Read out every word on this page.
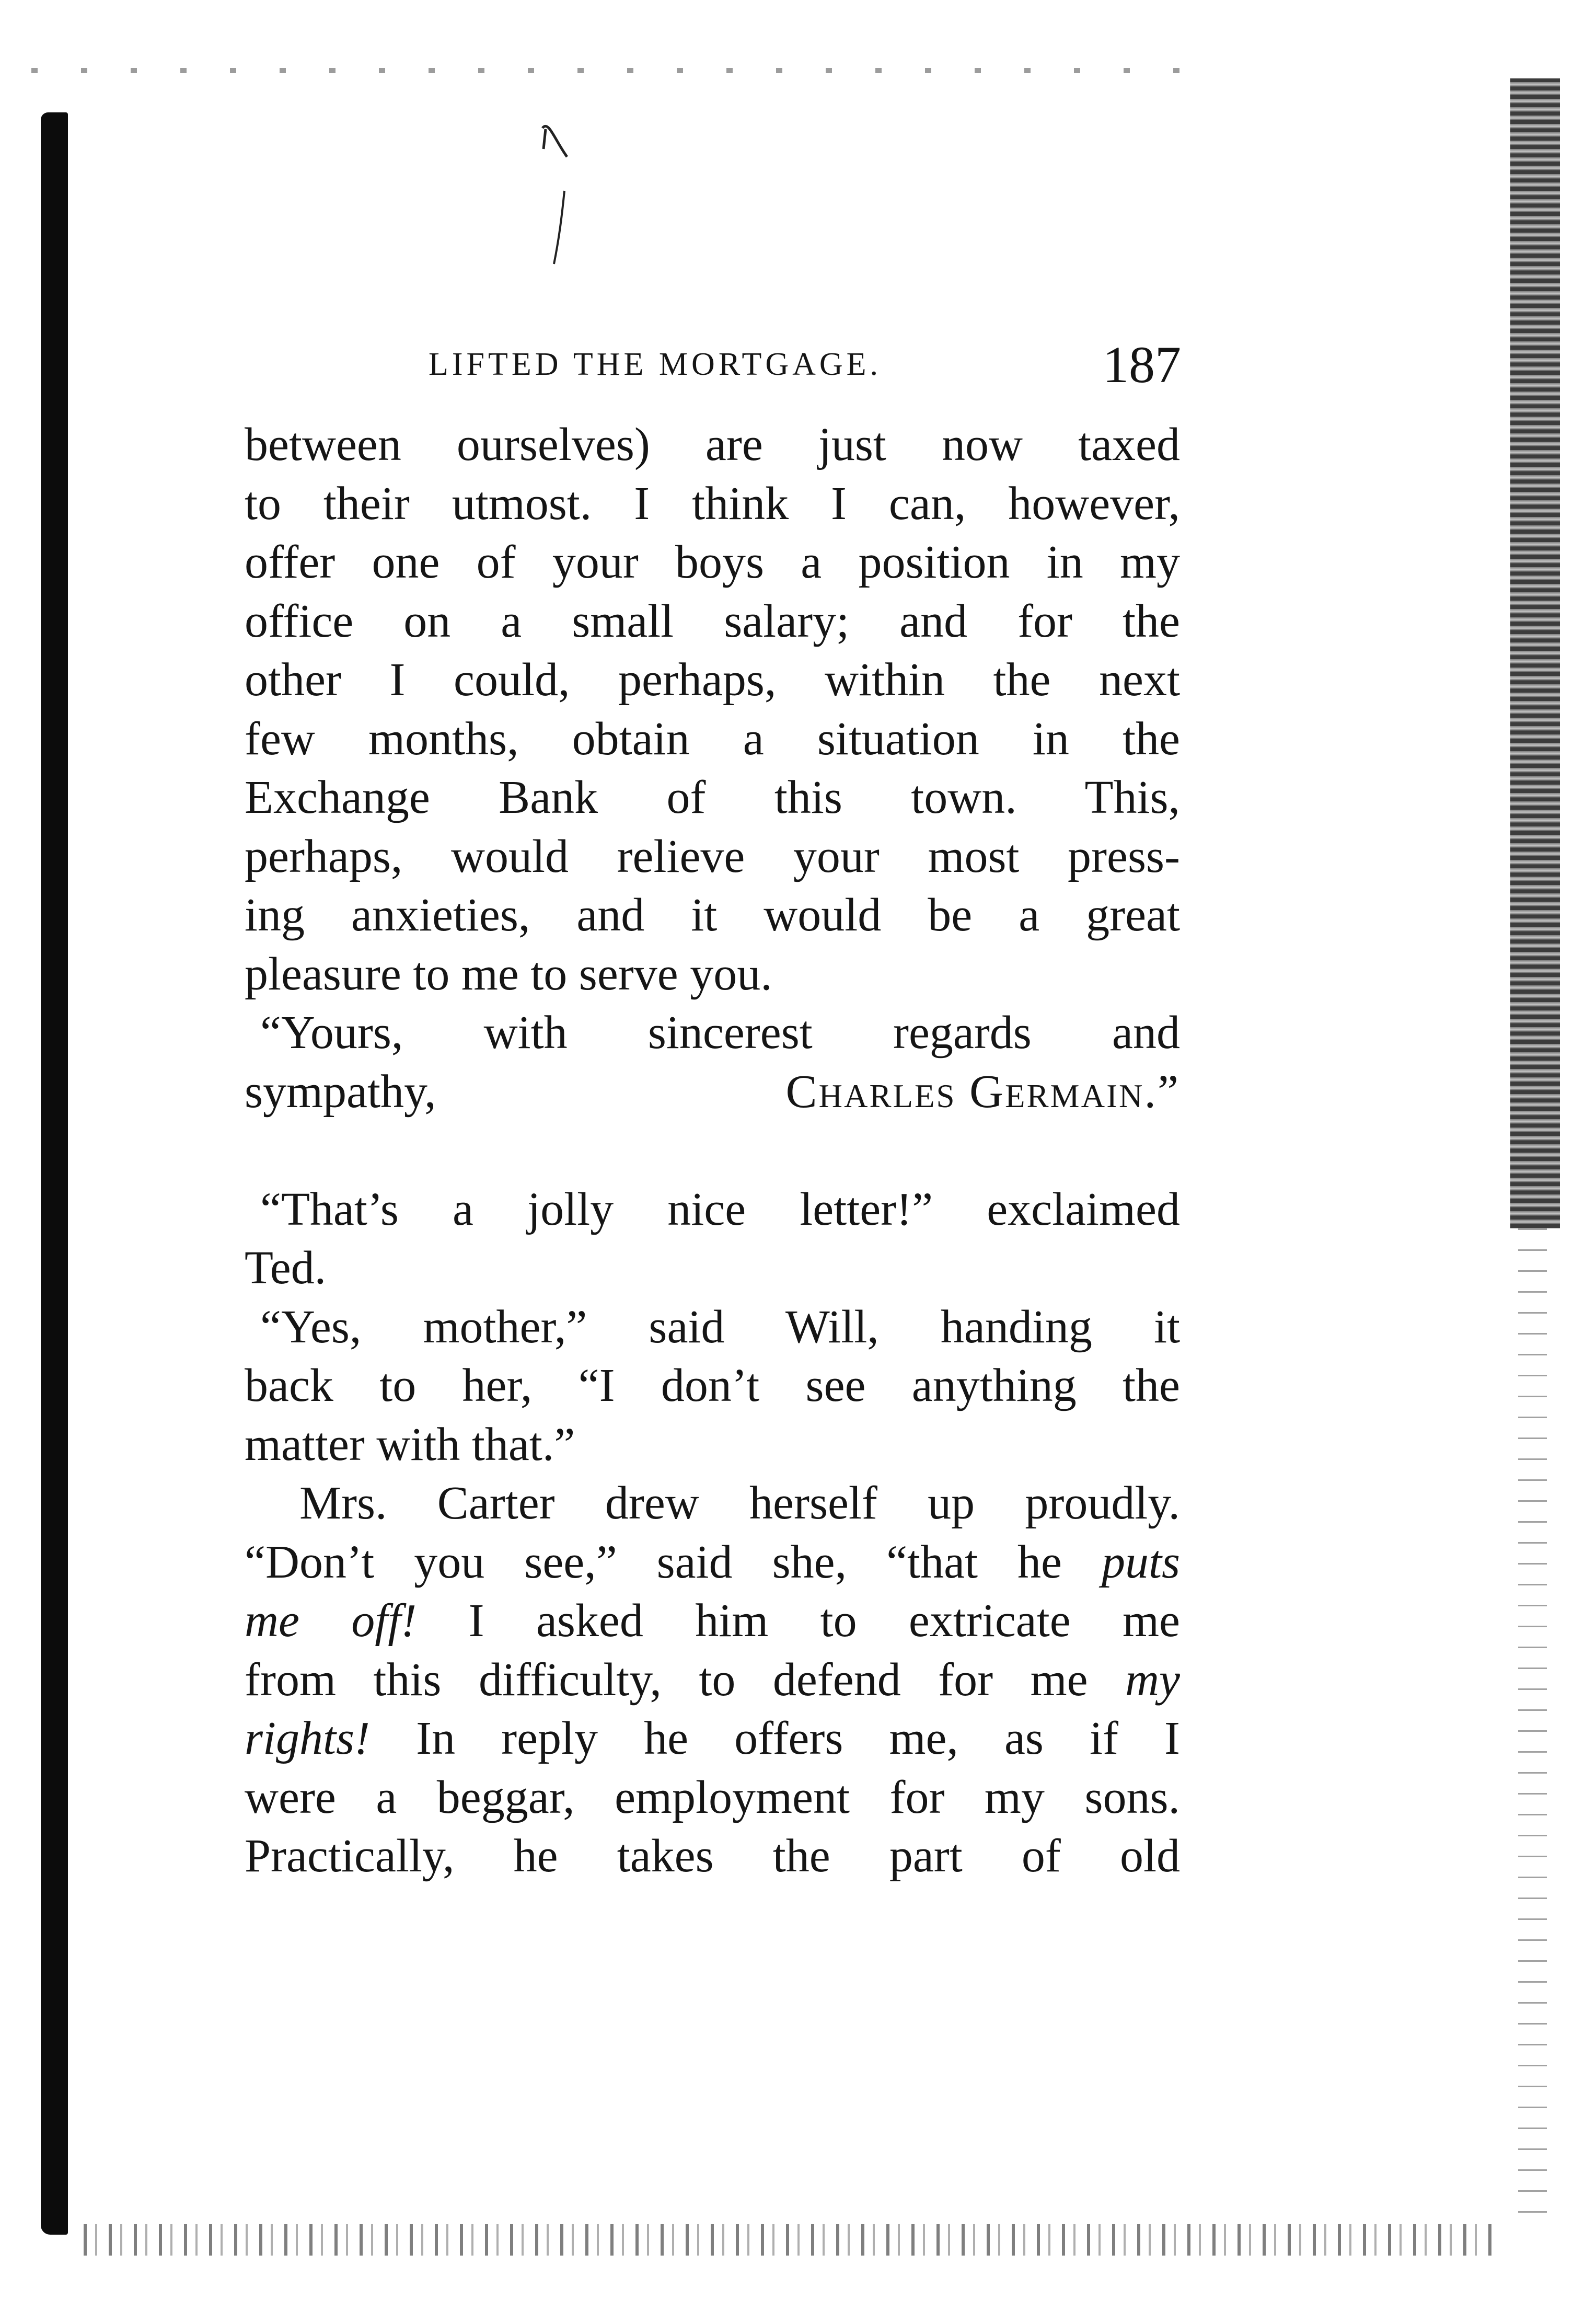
LIFTED THE MORTGAGE.	187
between ourselves) are just now taxed
to their utmost. I think I can, however,
offer one of your boys a position in my
office on a small salary; and for the
other I could, perhaps, within the next
few months, obtain a situation in the
Exchange Bank of this town. This,
perhaps, would relieve your most press-
ing anxieties, and it would be a great
pleasure to me to serve you.
“Yours, with sincerest regards and
sympathy,	Charles Germain.”
“That’s a jolly nice letter!” exclaimed
Ted.
“Yes, mother,” said Will, handing it
back to her, “I don’t see anything the
matter with that.”
Mrs. Carter drew herself up proudly.
“Don’t you see,” said she, “that he puts
me off! I asked him to extricate me
from this difficulty, to defend for me my
rights! In reply he offers me, as if I
were a beggar, employment for my sons.
Practically, he takes the part of old
